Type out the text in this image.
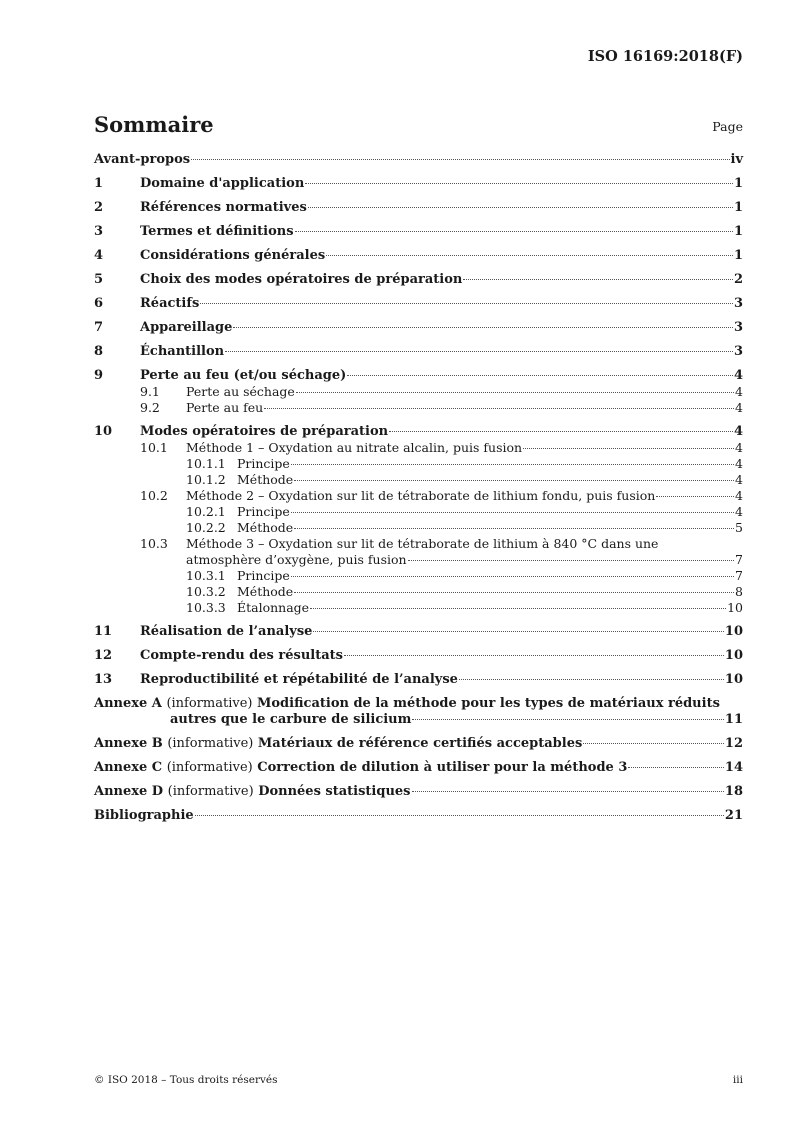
ISO 16169:2018(F)
Sommaire	Page
Avant-propos	iv
1	Domaine d'application	1
2	Références normatives	1
3	Termes et définitions	1
4	Considérations générales	1
5	Choix des modes opératoires de préparation	2
6	Réactifs	3
7	Appareillage	3
8	Échantillon	3
9	Perte au feu (et/ou séchage)	4
9.1	Perte au séchage	4
9.2	Perte au feu	4
10	Modes opératoires de préparation	4
10.1	Méthode 1 – Oxydation au nitrate alcalin, puis fusion	4
10.1.1 Principe	4
10.1.2 Méthode	4
10.2	Méthode 2 – Oxydation sur lit de tétraborate de lithium fondu, puis fusion	4
10.2.1 Principe	4
10.2.2 Méthode	5
10.3	Méthode 3 – Oxydation sur lit de tétraborate de lithium à 840 °C dans une
atmosphère d’oxygène, puis fusion	7
10.3.1 Principe	7
10.3.2 Méthode	8
10.3.3 Étalonnage	10
11	Réalisation de l’analyse	10
12	Compte-rendu des résultats	10
13	Reproductibilité et répétabilité de l’analyse	10
Annexe A (informative) Modification de la méthode pour les types de matériaux réduits
autres que le carbure de silicium	11
Annexe B (informative) Matériaux de référence certifiés acceptables	12
Annexe C (informative) Correction de dilution à utiliser pour la méthode 3	14
Annexe D (informative) Données statistiques	18
Bibliographie	21
© ISO 2018 – Tous droits réservés	iii
